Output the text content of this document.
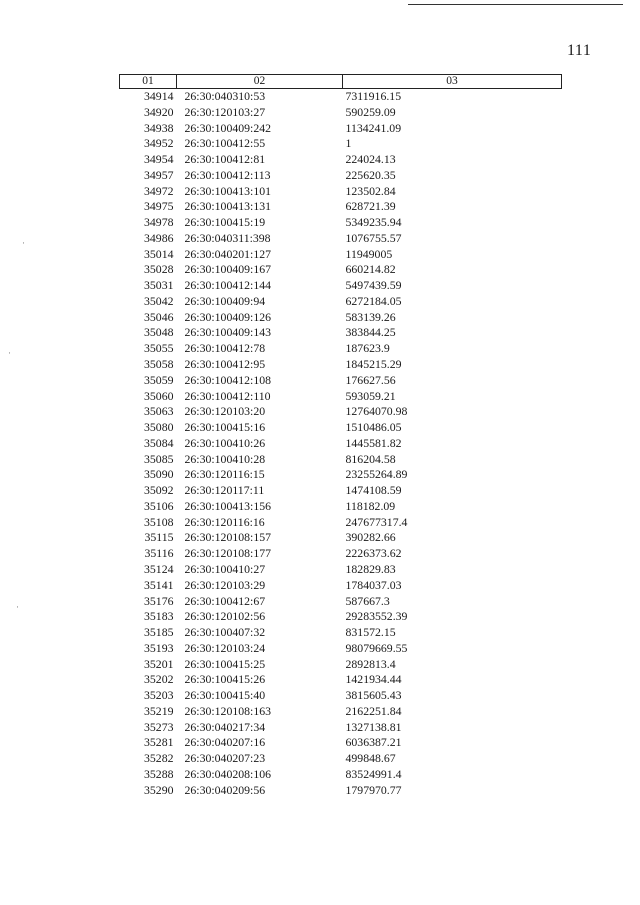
111
·
·
·
01	02	03
34914	26:30:040310:53	7311916.15
34920	26:30:120103:27	590259.09
34938	26:30:100409:242	1134241.09
34952	26:30:100412:55	1
34954	26:30:100412:81	224024.13
34957	26:30:100412:113	225620.35
34972	26:30:100413:101	123502.84
34975	26:30:100413:131	628721.39
34978	26:30:100415:19	5349235.94
34986	26:30:040311:398	1076755.57
35014	26:30:040201:127	11949005
35028	26:30:100409:167	660214.82
35031	26:30:100412:144	5497439.59
35042	26:30:100409:94	6272184.05
35046	26:30:100409:126	583139.26
35048	26:30:100409:143	383844.25
35055	26:30:100412:78	187623.9
35058	26:30:100412:95	1845215.29
35059	26:30:100412:108	176627.56
35060	26:30:100412:110	593059.21
35063	26:30:120103:20	12764070.98
35080	26:30:100415:16	1510486.05
35084	26:30:100410:26	1445581.82
35085	26:30:100410:28	816204.58
35090	26:30:120116:15	23255264.89
35092	26:30:120117:11	1474108.59
35106	26:30:100413:156	118182.09
35108	26:30:120116:16	247677317.4
35115	26:30:120108:157	390282.66
35116	26:30:120108:177	2226373.62
35124	26:30:100410:27	182829.83
35141	26:30:120103:29	1784037.03
35176	26:30:100412:67	587667.3
35183	26:30:120102:56	29283552.39
35185	26:30:100407:32	831572.15
35193	26:30:120103:24	98079669.55
35201	26:30:100415:25	2892813.4
35202	26:30:100415:26	1421934.44
35203	26:30:100415:40	3815605.43
35219	26:30:120108:163	2162251.84
35273	26:30:040217:34	1327138.81
35281	26:30:040207:16	6036387.21
35282	26:30:040207:23	499848.67
35288	26:30:040208:106	83524991.4
35290	26:30:040209:56	1797970.77
